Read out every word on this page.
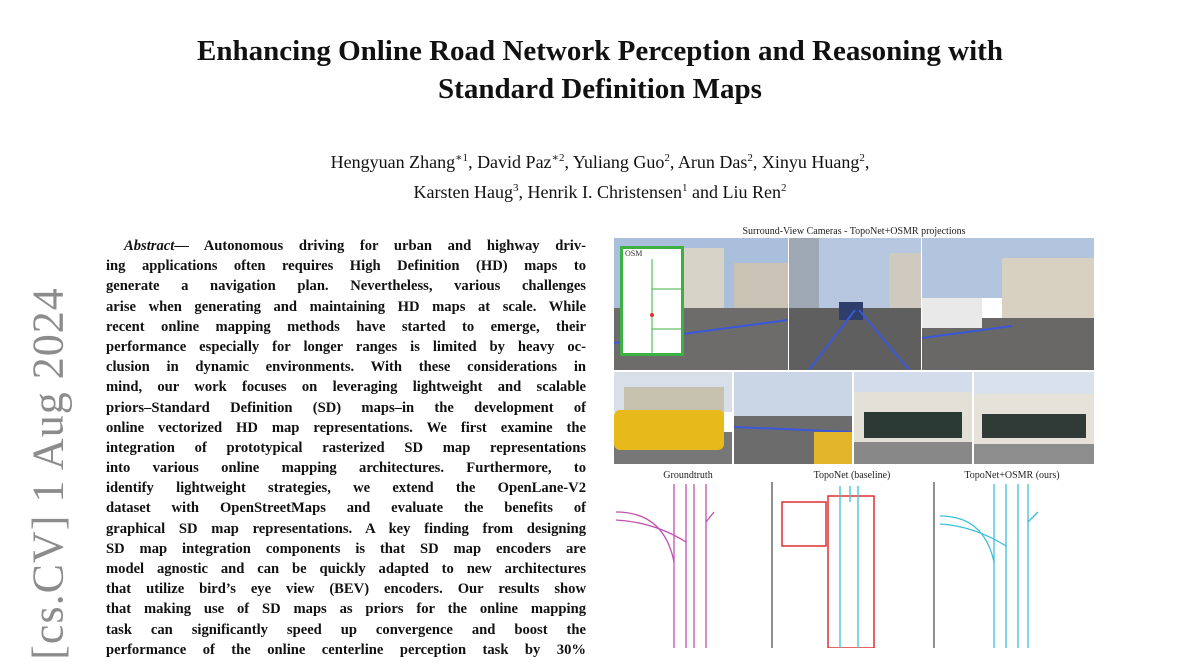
[cs.CV] 1 Aug 2024
Enhancing Online Road Network Perception and Reasoning with
Standard Definition Maps
Hengyuan Zhang$^{∗1}$, David Paz$^{∗2}$, Yuliang Guo$^2$, Arun Das$^2$, Xinyu Huang$^2$,
Karsten Haug$^3$, Henrik I. Christensen$^1$ and Liu Ren$^2$
Abstract— Autonomous driving for urban and highway driv-
ing applications often requires High Definition (HD) maps to
generate a navigation plan. Nevertheless, various challenges
arise when generating and maintaining HD maps at scale. While
recent online mapping methods have started to emerge, their
performance especially for longer ranges is limited by heavy oc-
clusion in dynamic environments. With these considerations in
mind, our work focuses on leveraging lightweight and scalable
priors–Standard Definition (SD) maps–in the development of
online vectorized HD map representations. We first examine the
integration of prototypical rasterized SD map representations
into various online mapping architectures. Furthermore, to
identify lightweight strategies, we extend the OpenLane-V2
dataset with OpenStreetMaps and evaluate the benefits of
graphical SD map representations. A key finding from designing
SD map integration components is that SD map encoders are
model agnostic and can be quickly adapted to new architectures
that utilize bird’s eye view (BEV) encoders. Our results show
that making use of SD maps as priors for the online mapping
task can significantly speed up convergence and boost the
performance of the online centerline perception task by 30%
Surround-View Cameras - TopoNet+OSMR projections
OSM
Groundtruth	TopoNet (baseline)	TopoNet+OSMR (ours)
